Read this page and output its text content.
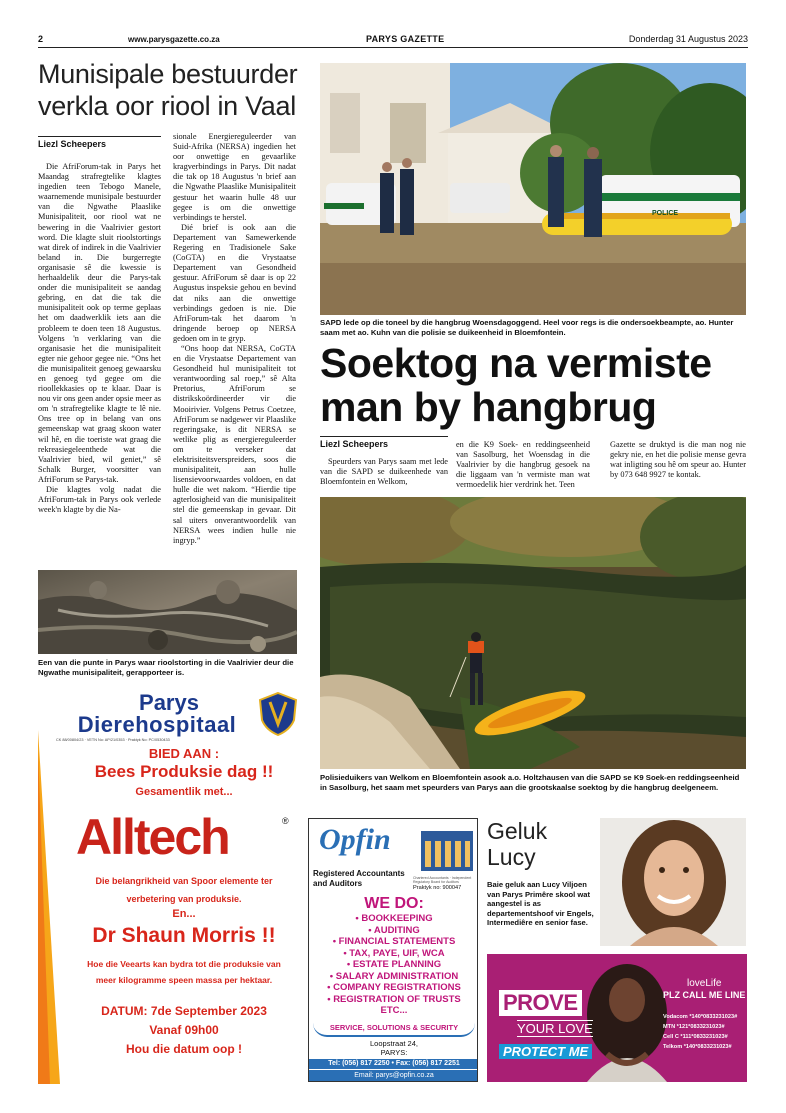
2	www.parysgazette.co.za	PARYS GAZETTE	Donderdag 31 Augustus 2023
Munisipale bestuurder verkla oor riool in Vaal
Liezl Scheepers

Die AfriForum-tak in Parys het Maandag strafregtelike klagtes ingedien teen Tebogo Manele, waarnemende munisipale bestuurder van die Ngwathe Plaaslike Munisipaliteit, oor riool wat ne bewering in die Vaalrivier gestort word. Die klagte sluit rioolstortings wat direk of indirek in die Vaalrivier beland in. Die burgerregte organisasie sê die kwessie is herhaaldelik deur die Parys-tak onder die munisipaliteit se aandag gebring, en dat die tak die munisipaliteit ook op terme geplaas het om daadwerklik iets aan die probleem te doen teen 18 Augustus. Volgens 'n verklaring van die organisasie het die munisipaliteit egter nie gehoor gegee nie. “Ons het die munisipaliteit genoeg gewaarsku en genoeg tyd gegee om die rioollekkasies op te klaar. Daar is nou vir ons geen ander opsie meer as om 'n strafregtelike klagte te lê nie. Ons tree op in belang van ons gemeenskap wat graag skoon water wil hê, en die toeriste wat graag die rekreasiegeleenthede wat die Vaalrivier bied, wil geniet,” sê Schalk Burger, voorsitter van AfriForum se Parys-tak.

Die klagtes volg nadat die AfriForum-tak in Parys ook verlede week'n klagte by die Na-

sionale Energiereguleerder van Suid-Afrika (NERSA) ingedien het oor onwettige en gevaarlike kragverbindings in Parys. Dit nadat die tak op 18 Augustus 'n brief aan die Ngwathe Plaaslike Munisipaliteit gestuur het waarin hulle 48 uur gegee is om die onwettige verbindings te herstel.

Dié brief is ook aan die Departement van Samewerkende Regering en Tradisionele Sake (CoGTA) en die Vrystaatse Departement van Gesondheid gestuur. AfriForum sê daar is op 22 Augustus inspeksie gehou en bevind dat niks aan die onwettige verbindings gedoen is nie. Die AfriForum-tak het daarom 'n dringende beroep op NERSA gedoen om in te gryp.

“Ons hoop dat NERSA, CoGTA en die Vrystaatse Departement van Gesondheid hul munisipaliteit tot verantwoording sal roep,” sê Alta Pretorius, AfriForum se distrikskoördineerder vir die Mooirivier. Volgens Petrus Coetzee, AfriForum se nadgewer vir Plaaslike regeringsake, is dit NERSA se wetlike plig as energiereguleerder om te verseker dat elektrisiteitsverspreiders, soos die munisipaliteit, aan hulle lisensievoorwaardes voldoen, en dat hulle die wet nakom. “Hierdie tipe agterlosigheid van die munisipaliteit stel die gemeenskap in gevaar. Dit sal uiters onverantwoordelik van NERSA wees indien hulle nie ingryp.”

Een van die punte in Parys waar rioolstorting in die Vaalrivier deur die Ngwathe munisipaliteit, gerapporteer is.
POLICE
SAPD lede op die toneel by die hangbrug Woensdagoggend. Heel voor regs is die ondersoekbeampte, ao. Hunter saam met ao. Kuhn van die polisie se duikeenheid in Bloemfontein.
Soektog na vermiste man by hangbrug
Liezl Scheepers

Speurders van Parys saam met lede van die SAPD se duikeenhede van Bloemfontein en Welkom,

en die K9 Soek- en reddingseenheid van Sasolburg, het Woensdag in die Vaalrivier by die hangbrug gesoek na die liggaam van 'n vermiste man wat vermoedelik hier verdrink het. Teen

Gazette se druktyd is die man nog nie gekry nie, en het die polisie mense gevra wat inligting sou hê om speur ao. Hunter by 073 648 9927 te kontak.

Polisieduikers van Welkom en Bloemfontein asook a.o. Holtzhausen van die SAPD se K9 Soek-en reddingseenheid in Sasolburg, het saam met speurders van Parys aan die grootskaalse soektog by die hangbrug deelgeneem.
Parys
Dierehospitaal
CK 88/00804/23 · VETN No: AP/21/0353 · Praktyk No: PC/0530433
BIED AAN :
Bees Produksie dag !!
Gesamentlik met...
Alltech	®
Die belangrikheid van Spoor elemente ter verbetering van produksie.
En...
Dr Shaun Morris !!
Hoe die Veearts kan bydra tot die produksie van meer kilogramme speen massa per hektaar.
DATUM: 7de September 2023
Vanaf 09h00
Hou die datum oop !
Opfin
Registered Accountants and Auditors
Praktyk no: 900047
Chartered Accountants · Independent Regulatory Board for Auditors
WE DO:
• BOOKKEEPING
• AUDITING
• FINANCIAL STATEMENTS
• TAX, PAYE, UIF, WCA
• ESTATE PLANNING
• SALARY ADMINISTRATION
• COMPANY REGISTRATIONS
• REGISTRATION OF TRUSTS
ETC...
SERVICE, SOLUTIONS & SECURITY
Loopstraat 24,
PARYS:
Tel: (056) 817 2250 • Fax: (056) 817 2251
Email: parys@opfin.co.za
Geluk
Lucy
Baie geluk aan Lucy Viljoen van Parys Primêre skool wat aangestel is as departementshoof vir Engels, Intermediêre en senior fase.
PROVE
YOUR LOVE
PROTECT ME
loveLife
PLZ CALL ME LINE
Vodacom *140*0833231023#
MTN *121*0833231023#
Cell C *111*0833231023#
Telkom *140*0833231023#
